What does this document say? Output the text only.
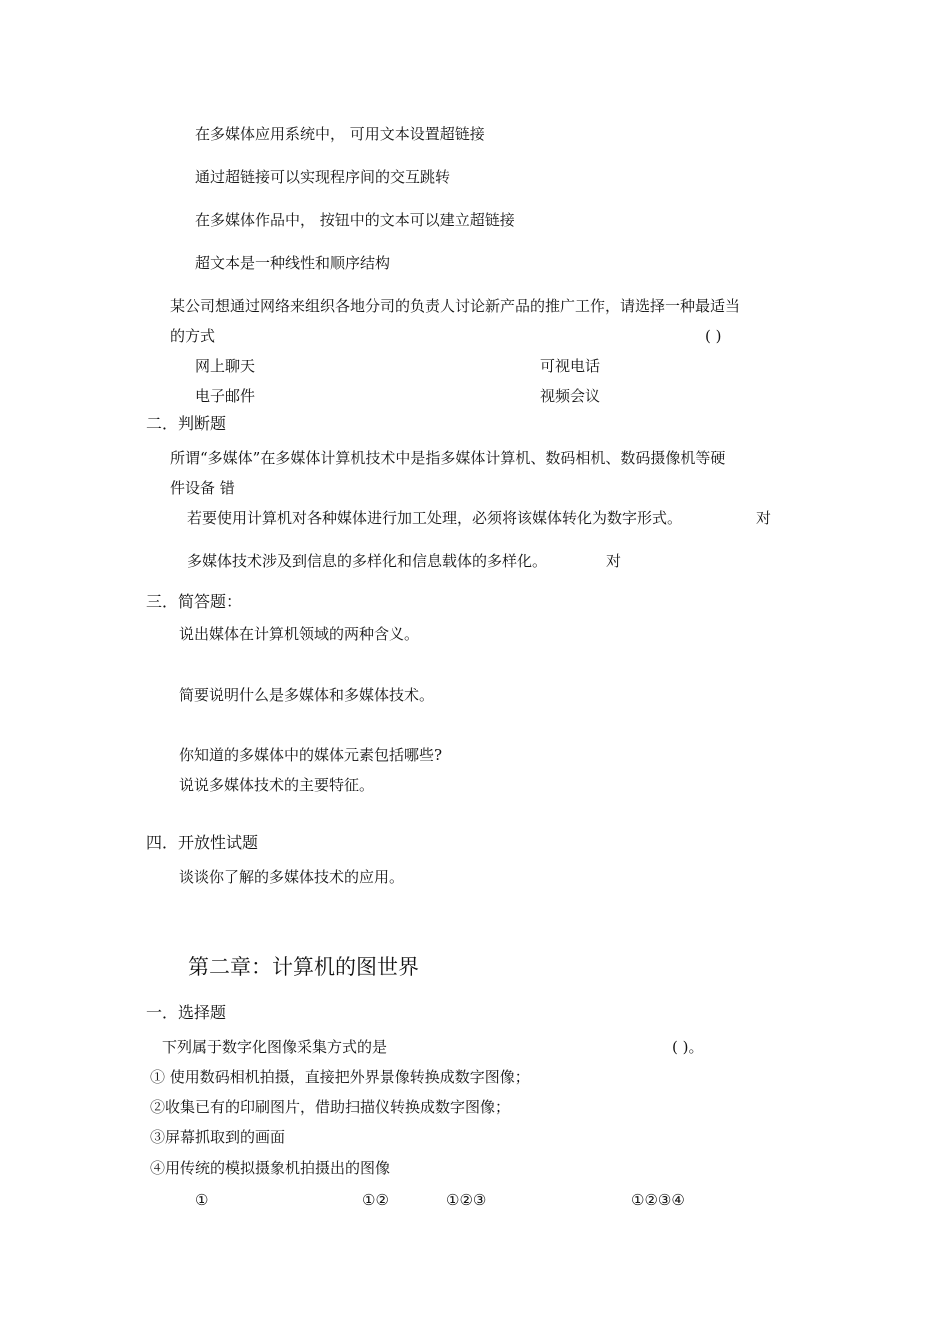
在多媒体应用系统中， 可用文本设置超链接
通过超链接可以实现程序间的交互跳转
在多媒体作品中， 按钮中的文本可以建立超链接
超文本是一种线性和顺序结构
某公司想通过网络来组织各地分司的负责人讨论新产品的推广工作，请选择一种最适当
的方式	( )
网上聊天	可视电话
电子邮件	视频会议
二．判断题
所谓“多媒体”在多媒体计算机技术中是指多媒体计算机、数码相机、数码摄像机等硬
件设备 错
若要使用计算机对各种媒体进行加工处理，必须将该媒体转化为数字形式。	对
多媒体技术涉及到信息的多样化和信息载体的多样化。	对
三．简答题：
说出媒体在计算机领域的两种含义。
简要说明什么是多媒体和多媒体技术。
你知道的多媒体中的媒体元素包括哪些?
说说多媒体技术的主要特征。
四．开放性试题
谈谈你了解的多媒体技术的应用。
第二章：计算机的图世界
一．选择题
下列属于数字化图像采集方式的是	( )。
① 使用数码相机拍摄，直接把外界景像转换成数字图像；
②收集已有的印刷图片，借助扫描仪转换成数字图像；
③屏幕抓取到的画面
④用传统的模拟摄象机拍摄出的图像
①	①②	①②③	①②③④
